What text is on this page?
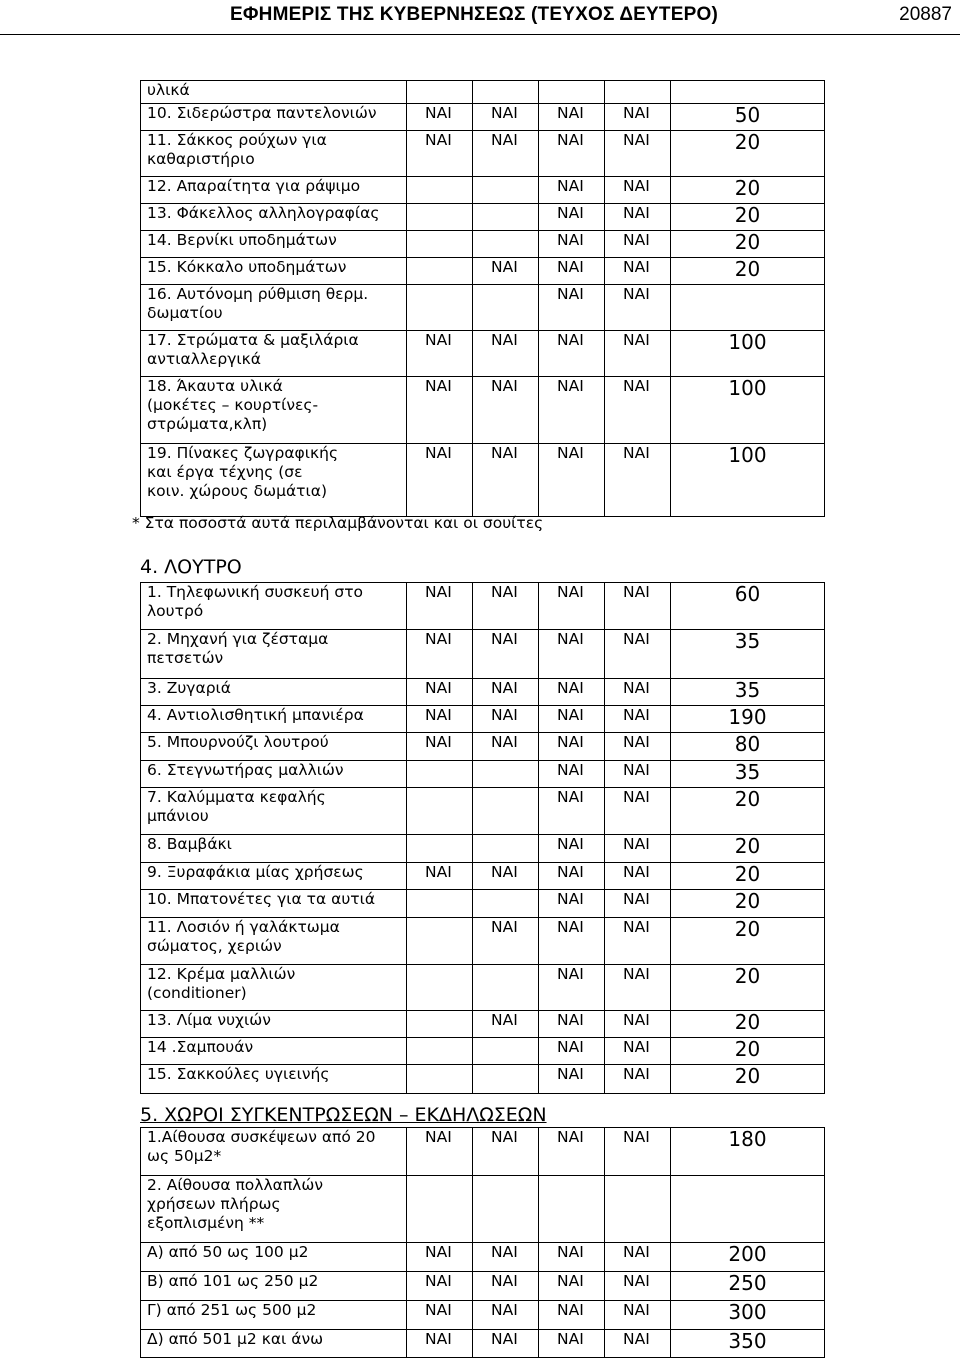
ΕΦΗΜΕΡΙΣ ΤΗΣ ΚΥΒΕΡΝΗΣΕΩΣ (ΤΕΥΧΟΣ ΔΕΥΤΕΡΟ)	20887
υλικά					
10. Σιδερώστρα παντελονιών	ΝΑΙ	ΝΑΙ	ΝΑΙ	ΝΑΙ	50
11. Σάκκος ρούχων για
καθαριστήριο	ΝΑΙ	ΝΑΙ	ΝΑΙ	ΝΑΙ	20
12. Απαραίτητα για ράψιμο			ΝΑΙ	ΝΑΙ	20
13. Φάκελλος αλληλογραφίας			ΝΑΙ	ΝΑΙ	20
14. Βερνίκι υποδημάτων			ΝΑΙ	ΝΑΙ	20
15. Κόκκαλο υποδημάτων		ΝΑΙ	ΝΑΙ	ΝΑΙ	20
16. Αυτόνομη ρύθμιση θερμ.
δωματίου			ΝΑΙ	ΝΑΙ	
17. Στρώματα & μαξιλάρια
αντιαλλεργικά	ΝΑΙ	ΝΑΙ	ΝΑΙ	ΝΑΙ	100
18. Άκαυτα υλικά
(μοκέτες – κουρτίνες-
στρώματα,κλπ)	ΝΑΙ	ΝΑΙ	ΝΑΙ	ΝΑΙ	100
19. Πίνακες ζωγραφικής
και έργα τέχνης (σε
κοιν. χώρους δωμάτια)	ΝΑΙ	ΝΑΙ	ΝΑΙ	ΝΑΙ	100
* Στα ποσοστά αυτά περιλαμβάνονται και οι σουίτες
4. ΛΟΥΤΡΟ
1. Τηλεφωνική συσκευή στο
λουτρό	ΝΑΙ	ΝΑΙ	ΝΑΙ	ΝΑΙ	60
2. Μηχανή για ζέσταμα
πετσετών	ΝΑΙ	ΝΑΙ	ΝΑΙ	ΝΑΙ	35
3. Ζυγαριά	ΝΑΙ	ΝΑΙ	ΝΑΙ	ΝΑΙ	35
4. Αντιολισθητική μπανιέρα	ΝΑΙ	ΝΑΙ	ΝΑΙ	ΝΑΙ	190
5. Μπουρνούζι λουτρού	ΝΑΙ	ΝΑΙ	ΝΑΙ	ΝΑΙ	80
6. Στεγνωτήρας μαλλιών			ΝΑΙ	ΝΑΙ	35
7. Καλύμματα κεφαλής
μπάνιου			ΝΑΙ	ΝΑΙ	20
8. Βαμβάκι			ΝΑΙ	ΝΑΙ	20
9. Ξυραφάκια μίας χρήσεως	ΝΑΙ	ΝΑΙ	ΝΑΙ	ΝΑΙ	20
10. Μπατονέτες για τα αυτιά			ΝΑΙ	ΝΑΙ	20
11. Λοσιόν ή γαλάκτωμα
σώματος, χεριών		ΝΑΙ	ΝΑΙ	ΝΑΙ	20
12. Κρέμα μαλλιών
(conditioner)			ΝΑΙ	ΝΑΙ	20
13. Λίμα νυχιών		ΝΑΙ	ΝΑΙ	ΝΑΙ	20
14 .Σαμπουάν			ΝΑΙ	ΝΑΙ	20
15. Σακκούλες υγιεινής			ΝΑΙ	ΝΑΙ	20
5. ΧΩΡΟΙ ΣΥΓΚΕΝΤΡΩΣΕΩΝ – ΕΚΔΗΛΩΣΕΩΝ
1.Αίθουσα συσκέψεων από 20
ως 50μ2*	ΝΑΙ	ΝΑΙ	ΝΑΙ	ΝΑΙ	180
2. Αίθουσα πολλαπλών
χρήσεων πλήρως
εξοπλισμένη **					
Α) από 50 ως 100 μ2	ΝΑΙ	ΝΑΙ	ΝΑΙ	ΝΑΙ	200
Β) από 101 ως 250 μ2	ΝΑΙ	ΝΑΙ	ΝΑΙ	ΝΑΙ	250
Γ) από 251 ως 500 μ2	ΝΑΙ	ΝΑΙ	ΝΑΙ	ΝΑΙ	300
Δ) από 501 μ2 και άνω	ΝΑΙ	ΝΑΙ	ΝΑΙ	ΝΑΙ	350
